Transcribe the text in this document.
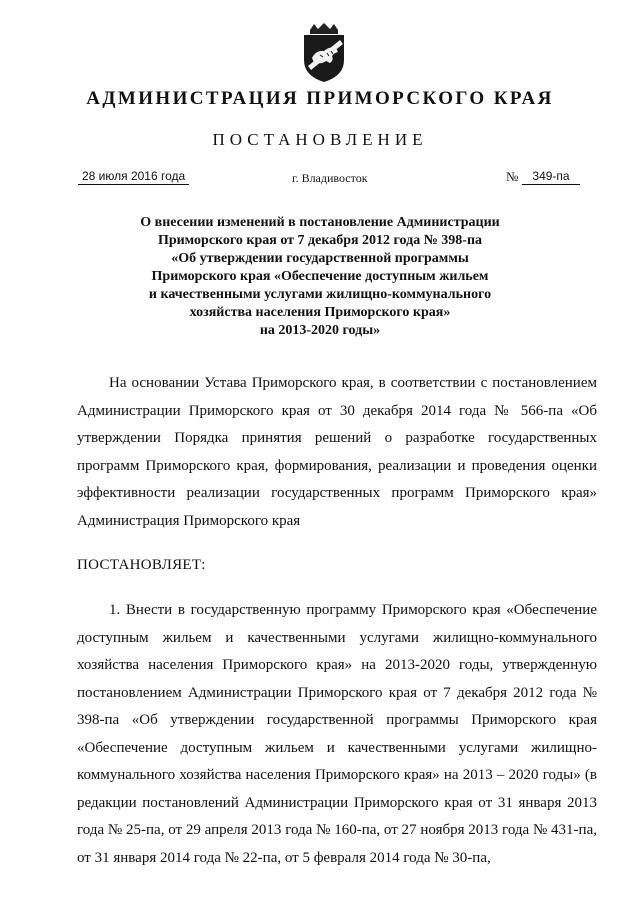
АДМИНИСТРАЦИЯ ПРИМОРСКОГО КРАЯ
ПОСТАНОВЛЕНИЕ
28 июля 2016 года	г. Владивосток	№	349-па
О внесении изменений в постановление Администрации
Приморского края от 7 декабря 2012 года № 398-па
«Об утверждении государственной программы
Приморского края «Обеспечение доступным жильем
и качественными услугами жилищно-коммунального
хозяйства населения Приморского края»
на 2013-2020 годы»

На основании Устава Приморского края, в соответствии с постановлением Администрации Приморского края от 30 декабря 2014 года № 566-па «Об утверждении Порядка принятия решений о разработке государственных программ Приморского края, формирования, реализации и проведения оценки эффективности реализации государственных программ Приморского края» Администрация Приморского края

ПОСТАНОВЛЯЕТ:

1. Внести в государственную программу Приморского края «Обеспечение доступным жильем и качественными услугами жилищно-коммунального хозяйства населения Приморского края» на 2013-2020 годы, утвержденную постановлением Администрации Приморского края от 7 декабря 2012 года № 398-па «Об утверждении государственной программы Приморского края «Обеспечение доступным жильем и качественными услугами жилищно-коммунального хозяйства населения Приморского края» на 2013 – 2020 годы» (в редакции постановлений Администрации Приморского края от 31 января 2013 года № 25-па, от 29 апреля 2013 года № 160-па, от 27 ноября 2013 года № 431-па, от 31 января 2014 года № 22-па, от 5 февраля 2014 года № 30-па,
